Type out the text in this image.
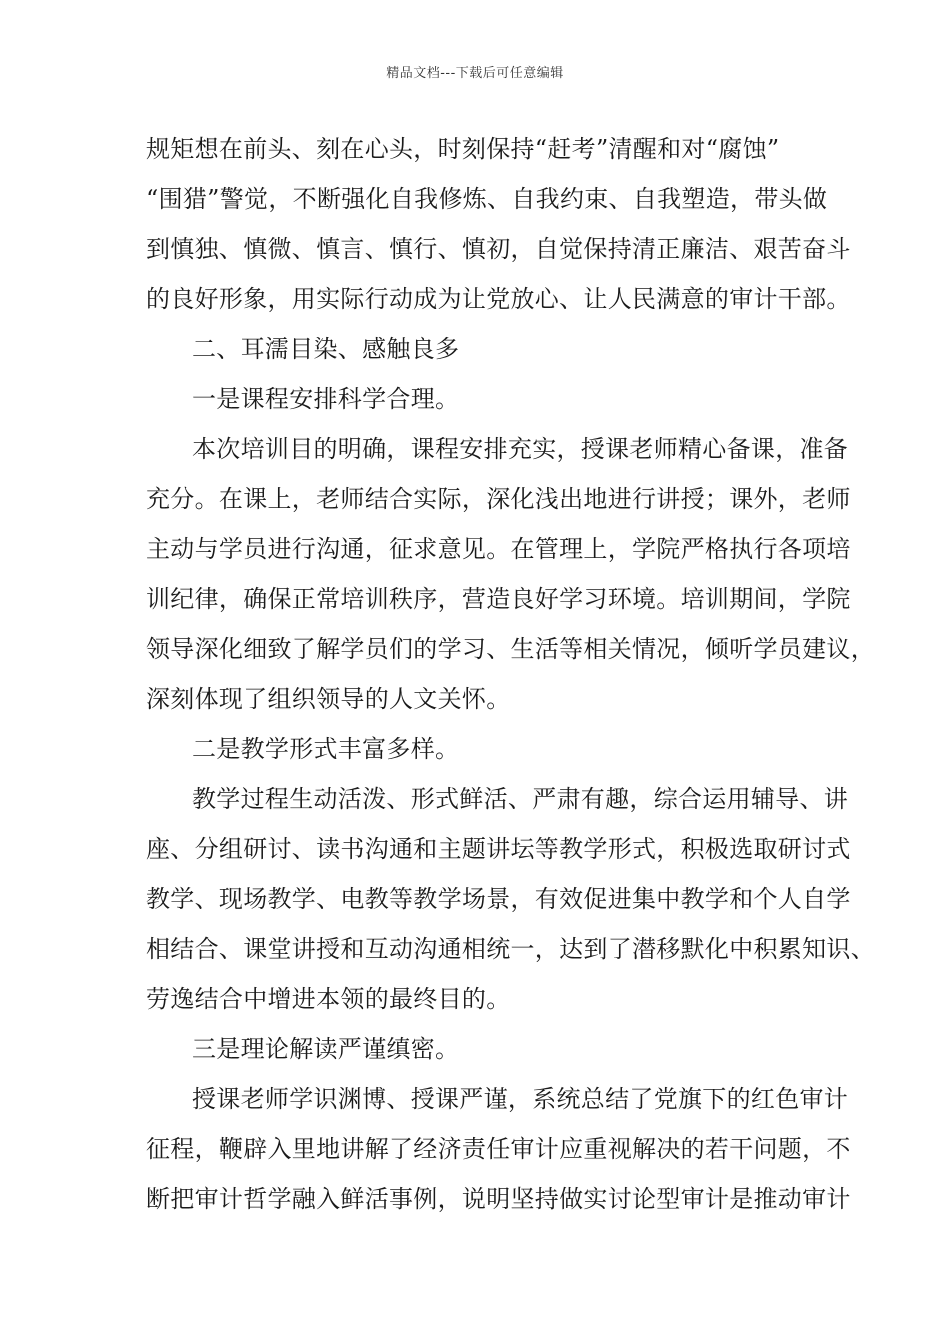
精品文档---下载后可任意编辑
规矩想在前头、刻在心头，时刻保持“赶考”清醒和对“腐蚀”
“围猎”警觉，不断强化自我修炼、自我约束、自我塑造，带头做
到慎独、慎微、慎言、慎行、慎初，自觉保持清正廉洁、艰苦奋斗
的良好形象，用实际行动成为让党放心、让人民满意的审计干部。
二、耳濡目染、感触良多
一是课程安排科学合理。
本次培训目的明确，课程安排充实，授课老师精心备课，准备
充分。在课上，老师结合实际，深化浅出地进行讲授；课外，老师
主动与学员进行沟通，征求意见。在管理上，学院严格执行各项培
训纪律，确保正常培训秩序，营造良好学习环境。培训期间，学院
领导深化细致了解学员们的学习、生活等相关情况，倾听学员建议，
深刻体现了组织领导的人文关怀。
二是教学形式丰富多样。
教学过程生动活泼、形式鲜活、严肃有趣，综合运用辅导、讲
座、分组研讨、读书沟通和主题讲坛等教学形式，积极选取研讨式
教学、现场教学、电教等教学场景，有效促进集中教学和个人自学
相结合、课堂讲授和互动沟通相统一，达到了潜移默化中积累知识、
劳逸结合中增进本领的最终目的。
三是理论解读严谨缜密。
授课老师学识渊博、授课严谨，系统总结了党旗下的红色审计
征程，鞭辟入里地讲解了经济责任审计应重视解决的若干问题，不
断把审计哲学融入鲜活事例，说明坚持做实讨论型审计是推动审计
